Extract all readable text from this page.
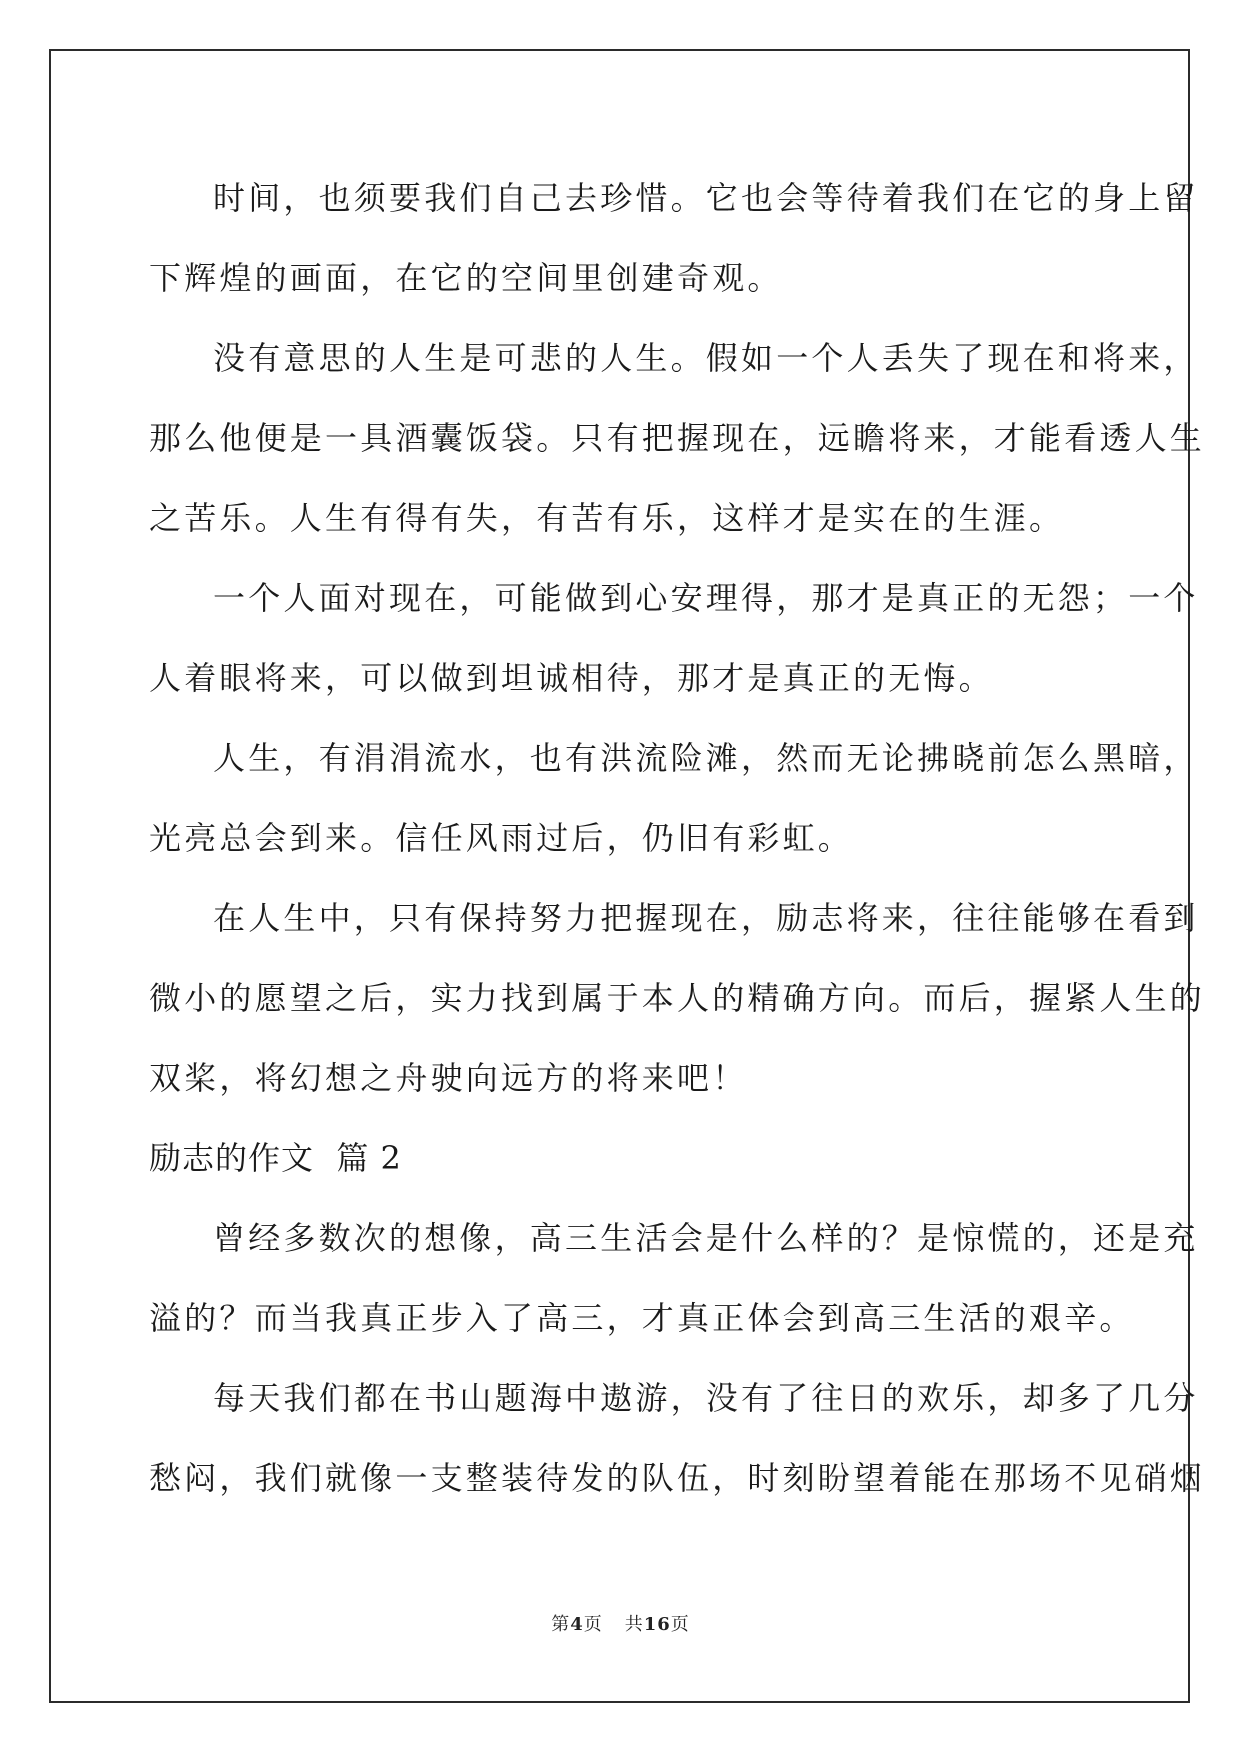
时间，也须要我们自己去珍惜。它也会等待着我们在它的身上留
下辉煌的画面，在它的空间里创建奇观。
没有意思的人生是可悲的人生。假如一个人丢失了现在和将来，
那么他便是一具酒囊饭袋。只有把握现在，远瞻将来，才能看透人生
之苦乐。人生有得有失，有苦有乐，这样才是实在的生涯。
一个人面对现在，可能做到心安理得，那才是真正的无怨；一个
人着眼将来，可以做到坦诚相待，那才是真正的无悔。
人生，有涓涓流水，也有洪流险滩，然而无论拂晓前怎么黑暗，
光亮总会到来。信任风雨过后，仍旧有彩虹。
在人生中，只有保持努力把握现在，励志将来，往往能够在看到
微小的愿望之后，实力找到属于本人的精确方向。而后，握紧人生的
双桨，将幻想之舟驶向远方的将来吧！
励志的作文  篇 2
曾经多数次的想像，高三生活会是什么样的？是惊慌的，还是充
溢的？而当我真正步入了高三，才真正体会到高三生活的艰辛。
每天我们都在书山题海中遨游，没有了往日的欢乐，却多了几分
愁闷，我们就像一支整装待发的队伍，时刻盼望着能在那场不见硝烟
第4页 共16页
